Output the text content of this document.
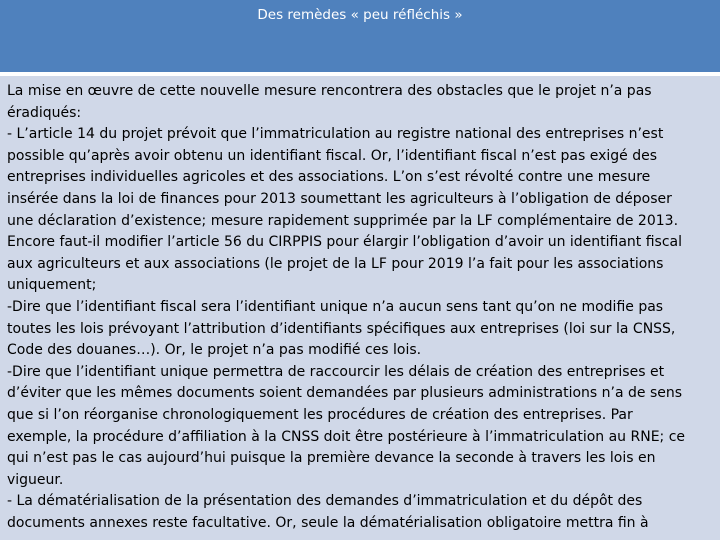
Des remèdes « peu réfléchis »
La mise en œuvre de cette nouvelle mesure rencontrera des obstacles que le projet n’a pas
éradiqués:
- L’article 14 du projet prévoit que l’immatriculation au registre national des entreprises n’est
possible qu’après avoir obtenu un identifiant fiscal. Or, l’identifiant fiscal n’est pas exigé des
entreprises individuelles agricoles et des associations. L’on s’est révolté contre une mesure
insérée dans la loi de finances pour 2013 soumettant les agriculteurs à l’obligation de déposer
une déclaration d’existence; mesure rapidement supprimée par la LF complémentaire de 2013.
Encore faut-il modifier l’article 56 du CIRPPIS pour élargir l’obligation d’avoir un identifiant fiscal
aux agriculteurs et aux associations (le projet de la LF pour 2019 l’a fait pour les associations
uniquement;
-Dire que l’identifiant fiscal sera l’identifiant unique n’a aucun sens tant qu’on ne modifie pas
toutes les lois prévoyant l’attribution d’identifiants spécifiques aux entreprises (loi sur la CNSS,
Code des douanes…). Or, le projet n’a pas modifié ces lois.
-Dire que l’identifiant unique permettra de raccourcir les délais de création des entreprises et
d’éviter que les mêmes documents soient demandées par plusieurs administrations n’a de sens
que si l’on réorganise chronologiquement les procédures de création des entreprises. Par
exemple, la procédure d’affiliation à la CNSS doit être postérieure à l’immatriculation au RNE; ce
qui n’est pas le cas aujourd’hui puisque la première devance la seconde à travers les lois en
vigueur.
- La dématérialisation de la présentation des demandes d’immatriculation et du dépôt des
documents annexes reste facultative. Or, seule la dématérialisation obligatoire mettra fin à
